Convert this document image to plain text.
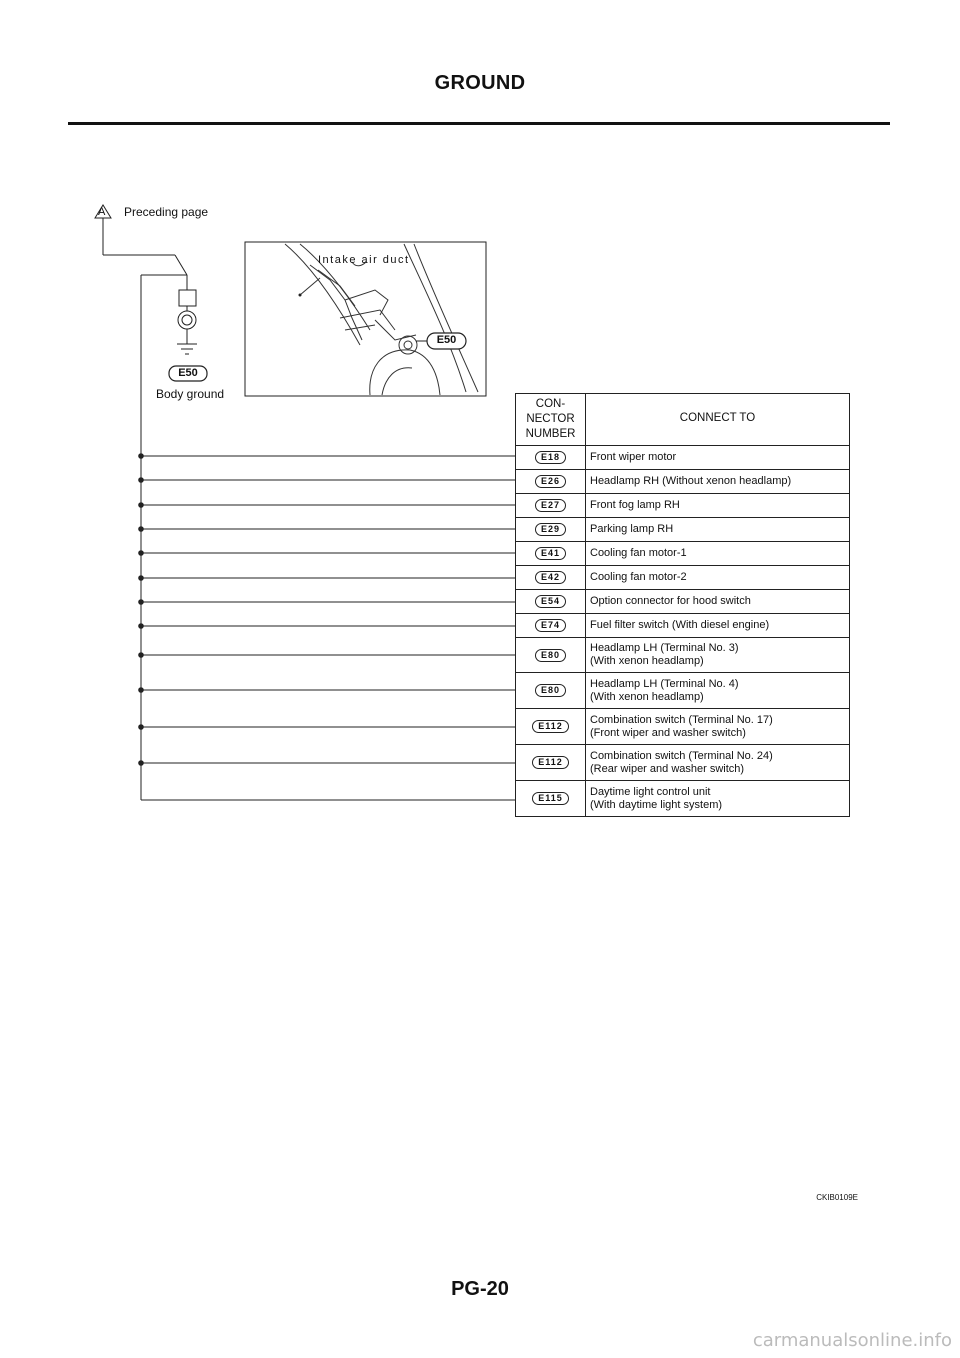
GROUND
A Preceding page
E50
Body ground
Intake air duct
E50
CON-
NECTOR
NUMBER	CONNECT TO
E18	Front wiper motor
E26	Headlamp RH (Without xenon headlamp)
E27	Front fog lamp RH
E29	Parking lamp RH
E41	Cooling fan motor-1
E42	Cooling fan motor-2
E54	Option connector for hood switch
E74	Fuel filter switch (With diesel engine)
E80	Headlamp LH (Terminal No. 3)
(With xenon headlamp)
E80	Headlamp LH (Terminal No. 4)
(With xenon headlamp)
E112	Combination switch (Terminal No. 17)
(Front wiper and washer switch)
E112	Combination switch (Terminal No. 24)
(Rear wiper and washer switch)
E115	Daytime light control unit
(With daytime light system)
CKIB0109E
PG-20
carmanualsonline.info
